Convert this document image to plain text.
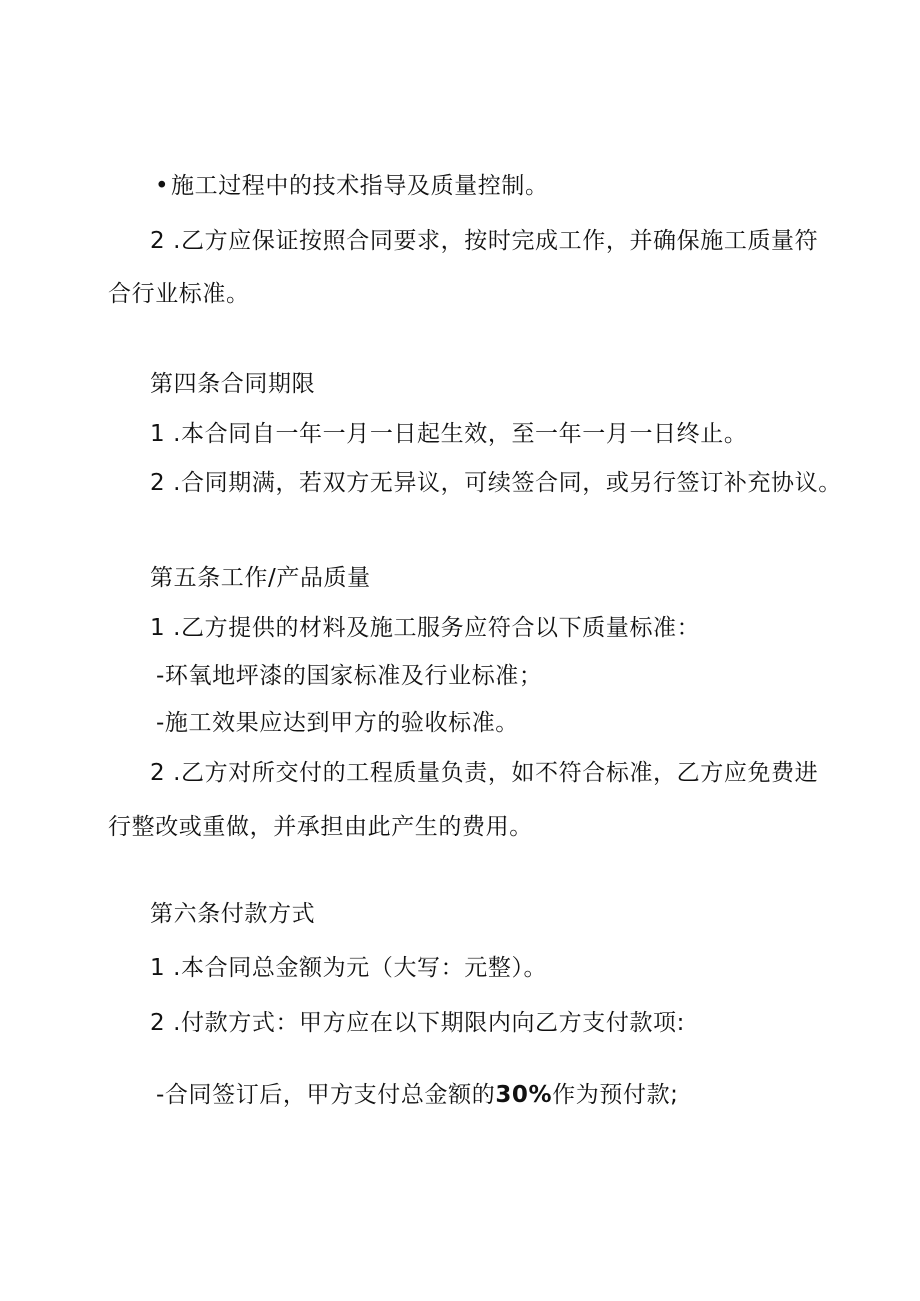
•施工过程中的技术指导及质量控制。
2 .乙方应保证按照合同要求，按时完成工作，并确保施工质量符
合行业标准。
第四条合同期限
1 .本合同自一年一月一日起生效，至一年一月一日终止。
2 .合同期满，若双方无异议，可续签合同，或另行签订补充协议。
第五条工作/产品质量
1 .乙方提供的材料及施工服务应符合以下质量标准：
-环氧地坪漆的国家标准及行业标准；
-施工效果应达到甲方的验收标准。
2 .乙方对所交付的工程质量负责，如不符合标准，乙方应免费进
行整改或重做，并承担由此产生的费用。
第六条付款方式
1 .本合同总金额为元（大写：元整）。
2 .付款方式：甲方应在以下期限内向乙方支付款项:
-合同签订后，甲方支付总金额的30%作为预付款;
